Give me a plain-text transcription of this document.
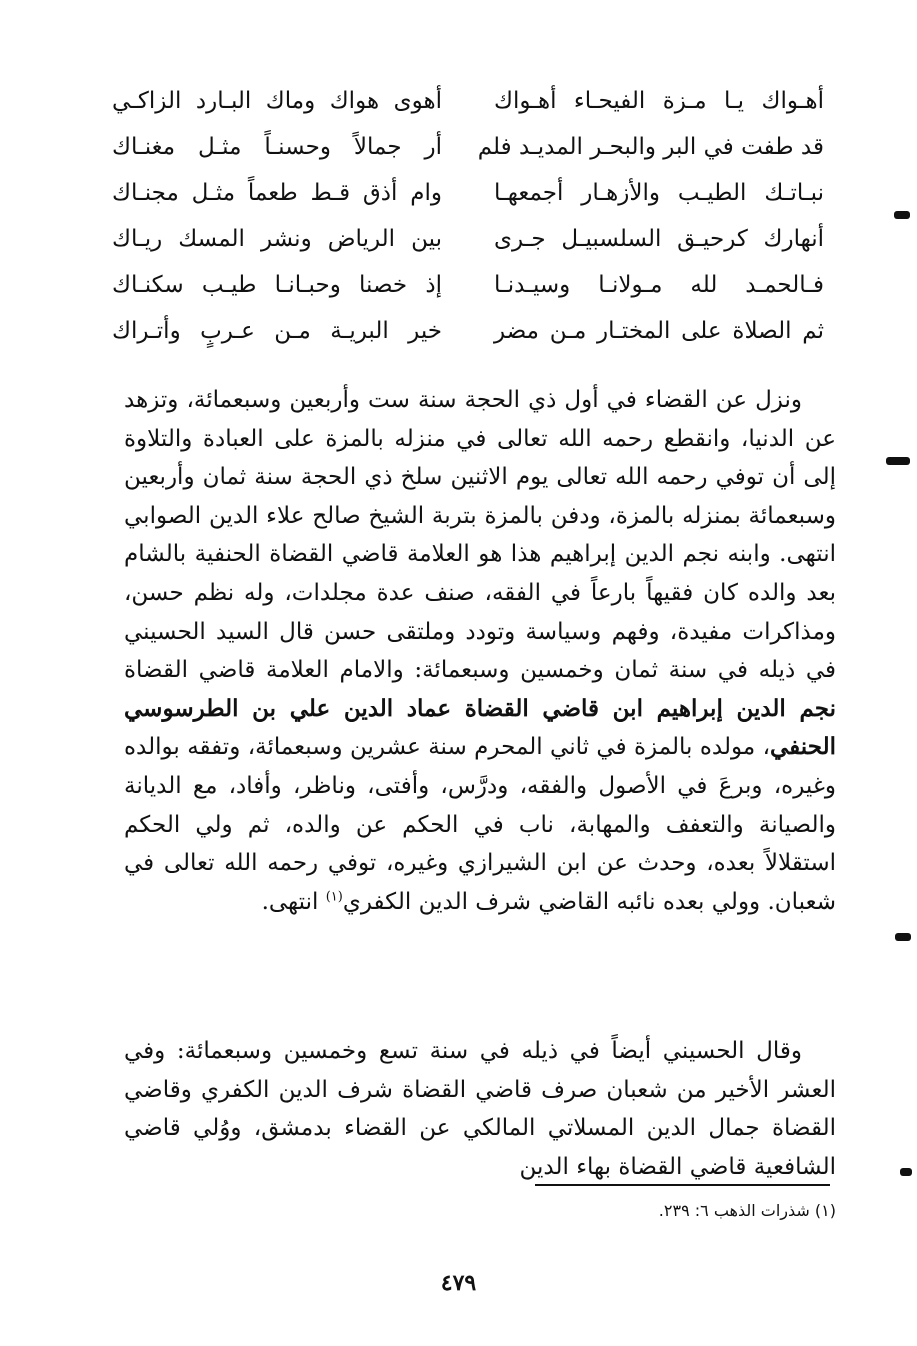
أهـواك يـا مـزة الفيحـاء أهـواك
أهوى هواك وماك البـارد الزاكـي
قد طفت في البر والبحـر المديـد فلم
أر جمالاً وحسنـاً مثـل مغنـاك
نبـاتـك الطيـب والأزهـار أجمعهـا
وام أذق قـط طعماً مثـل مجنـاك
أنهارك كرحيـق السلسبيـل جـرى
بين الرياض ونشر المسك ريـاك
فـالحمـد لله مـولانـا وسيـدنـا
إذ خصنا وحبـانـا طيـب سكنـاك
ثم الصلاة على المختـار مـن مضر
خير البريـة مـن عـربٍ وأتـراك

ونزل عن القضاء في أول ذي الحجة سنة ست وأربعين وسبعمائة، وتزهد عن الدنيا، وانقطع رحمه الله تعالى في منزله بالمزة على العبادة والتلاوة إلى أن توفي رحمه الله تعالى يوم الاثنين سلخ ذي الحجة سنة ثمان وأربعين وسبعمائة بمنزله بالمزة، ودفن بالمزة بتربة الشيخ صالح علاء الدين الصوابي انتهى. وابنه نجم الدين إبراهيم هذا هو العلامة قاضي القضاة الحنفية بالشام بعد والده كان فقيهاً بارعاً في الفقه، صنف عدة مجلدات، وله نظم حسن، ومذاكرات مفيدة، وفهم وسياسة وتودد وملتقى حسن قال السيد الحسيني في ذيله في سنة ثمان وخمسين وسبعمائة: والامام العلامة قاضي القضاة نجم الدين إبراهيم ابن قاضي القضاة عماد الدين علي بن الطرسوسي الحنفي، مولده بالمزة في ثاني المحرم سنة عشرين وسبعمائة، وتفقه بوالده وغيره، وبرعَ في الأصول والفقه، ودرَّس، وأفتى، وناظر، وأفاد، مع الديانة والصيانة والتعفف والمهابة، ناب في الحكم عن والده، ثم ولي الحكم استقلالاً بعده، وحدث عن ابن الشيرازي وغيره، توفي رحمه الله تعالى في شعبان. وولي بعده نائبه القاضي شرف الدين الكفري$^{(١)}$ انتهى.

وقال الحسيني أيضاً في ذيله في سنة تسع وخمسين وسبعمائة: وفي العشر الأخير من شعبان صرف قاضي القضاة شرف الدين الكفري وقاضي القضاة جمال الدين المسلاتي المالكي عن القضاء بدمشق، ووُلي قاضي الشافعية قاضي القضاة بهاء الدين

(١) شذرات الذهب ٦: ٢٣٩.
٤٧٩
